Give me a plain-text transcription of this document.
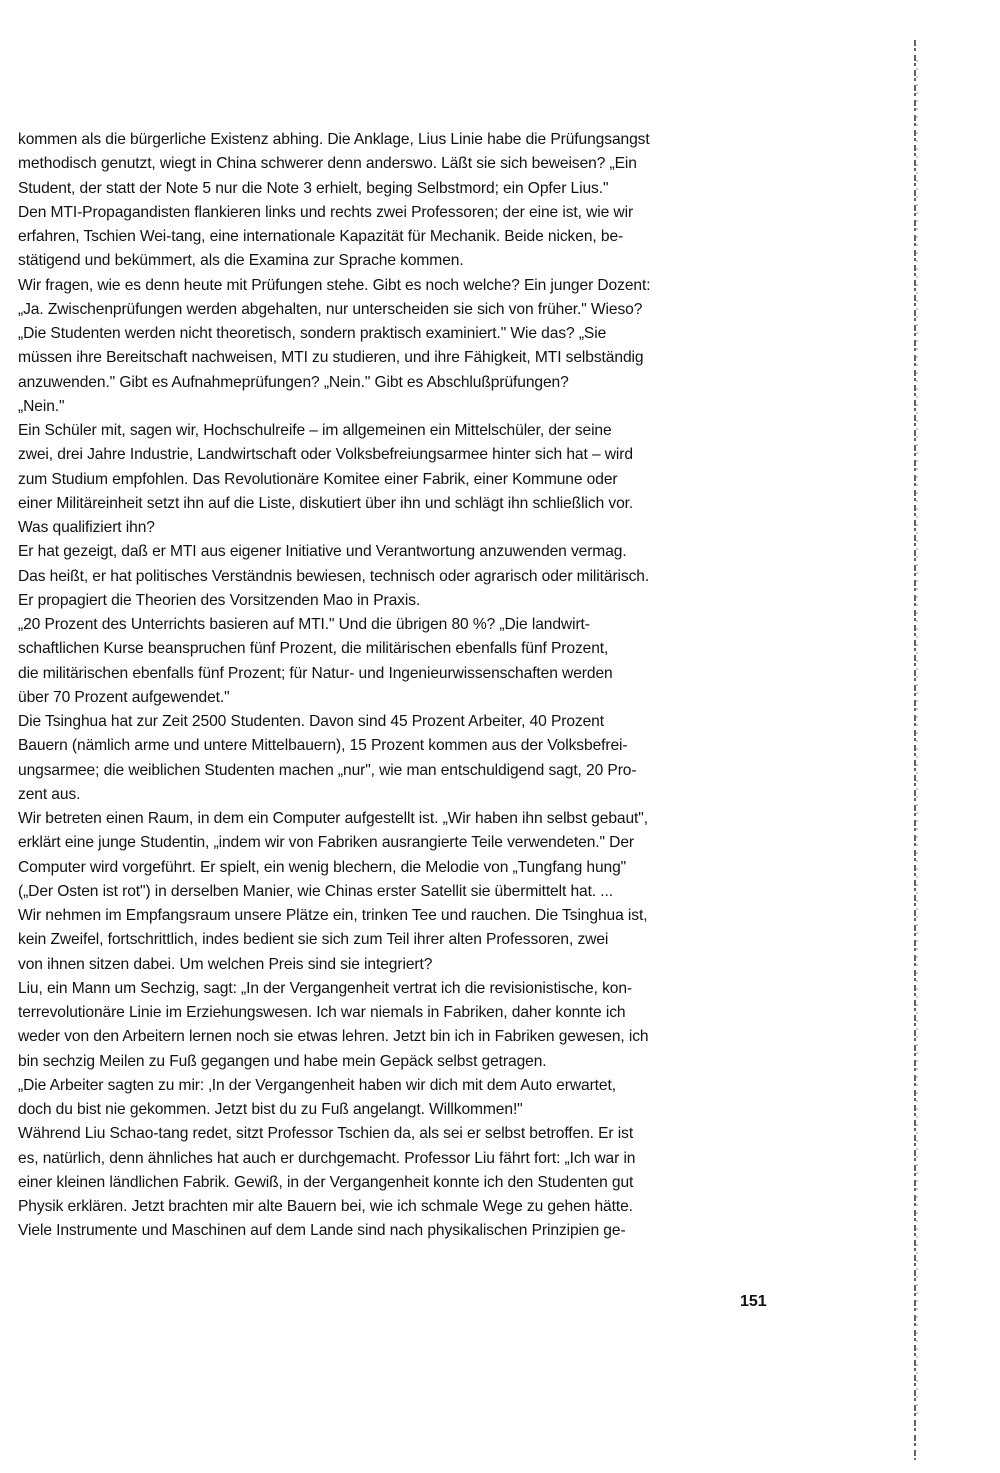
kommen als die bürgerliche Existenz abhing. Die Anklage, Lius Linie habe die Prüfungsangst
methodisch genutzt, wiegt in China schwerer denn anderswo. Läßt sie sich beweisen? „Ein
Student, der statt der Note 5 nur die Note 3 erhielt, beging Selbstmord; ein Opfer Lius."
Den MTI-Propagandisten flankieren links und rechts zwei Professoren; der eine ist, wie wir
erfahren, Tschien Wei-tang, eine internationale Kapazität für Mechanik. Beide nicken, be-
stätigend und bekümmert, als die Examina zur Sprache kommen.
Wir fragen, wie es denn heute mit Prüfungen stehe. Gibt es noch welche? Ein junger Dozent:
„Ja. Zwischenprüfungen werden abgehalten, nur unterscheiden sie sich von früher." Wieso?
„Die Studenten werden nicht theoretisch, sondern praktisch examiniert." Wie das? „Sie
müssen ihre Bereitschaft nachweisen, MTI zu studieren, und ihre Fähigkeit, MTI selbständig
anzuwenden." Gibt es Aufnahmeprüfungen? „Nein." Gibt es Abschlußprüfungen?
„Nein."
Ein Schüler mit, sagen wir, Hochschulreife – im allgemeinen ein Mittelschüler, der seine
zwei, drei Jahre Industrie, Landwirtschaft oder Volksbefreiungsarmee hinter sich hat – wird
zum Studium empfohlen. Das Revolutionäre Komitee einer Fabrik, einer Kommune oder
einer Militäreinheit setzt ihn auf die Liste, diskutiert über ihn und schlägt ihn schließlich vor.
Was qualifiziert ihn?
Er hat gezeigt, daß er MTI aus eigener Initiative und Verantwortung anzuwenden vermag.
Das heißt, er hat politisches Verständnis bewiesen, technisch oder agrarisch oder militärisch.
Er propagiert die Theorien des Vorsitzenden Mao in Praxis.
„20 Prozent des Unterrichts basieren auf MTI." Und die übrigen 80 %? „Die landwirt-
schaftlichen Kurse beanspruchen fünf Prozent, die militärischen ebenfalls fünf Prozent,
die militärischen ebenfalls fünf Prozent; für Natur- und Ingenieurwissenschaften werden
über 70 Prozent aufgewendet."
Die Tsinghua hat zur Zeit 2500 Studenten. Davon sind 45 Prozent Arbeiter, 40 Prozent
Bauern (nämlich arme und untere Mittelbauern), 15 Prozent kommen aus der Volksbefrei-
ungsarmee; die weiblichen Studenten machen „nur", wie man entschuldigend sagt, 20 Pro-
zent aus.
Wir betreten einen Raum, in dem ein Computer aufgestellt ist. „Wir haben ihn selbst gebaut",
erklärt eine junge Studentin, „indem wir von Fabriken ausrangierte Teile verwendeten." Der
Computer wird vorgeführt. Er spielt, ein wenig blechern, die Melodie von „Tungfang hung"
(„Der Osten ist rot") in derselben Manier, wie Chinas erster Satellit sie übermittelt hat. ...
Wir nehmen im Empfangsraum unsere Plätze ein, trinken Tee und rauchen. Die Tsinghua ist,
kein Zweifel, fortschrittlich, indes bedient sie sich zum Teil ihrer alten Professoren, zwei
von ihnen sitzen dabei. Um welchen Preis sind sie integriert?
Liu, ein Mann um Sechzig, sagt: „In der Vergangenheit vertrat ich die revisionistische, kon-
terrevolutionäre Linie im Erziehungswesen. Ich war niemals in Fabriken, daher konnte ich
weder von den Arbeitern lernen noch sie etwas lehren. Jetzt bin ich in Fabriken gewesen, ich
bin sechzig Meilen zu Fuß gegangen und habe mein Gepäck selbst getragen.
„Die Arbeiter sagten zu mir: ‚In der Vergangenheit haben wir dich mit dem Auto erwartet,
doch du bist nie gekommen. Jetzt bist du zu Fuß angelangt. Willkommen!"
Während Liu Schao-tang redet, sitzt Professor Tschien da, als sei er selbst betroffen. Er ist
es, natürlich, denn ähnliches hat auch er durchgemacht. Professor Liu fährt fort: „Ich war in
einer kleinen ländlichen Fabrik. Gewiß, in der Vergangenheit konnte ich den Studenten gut
Physik erklären. Jetzt brachten mir alte Bauern bei, wie ich schmale Wege zu gehen hätte.
Viele Instrumente und Maschinen auf dem Lande sind nach physikalischen Prinzipien ge-
151
